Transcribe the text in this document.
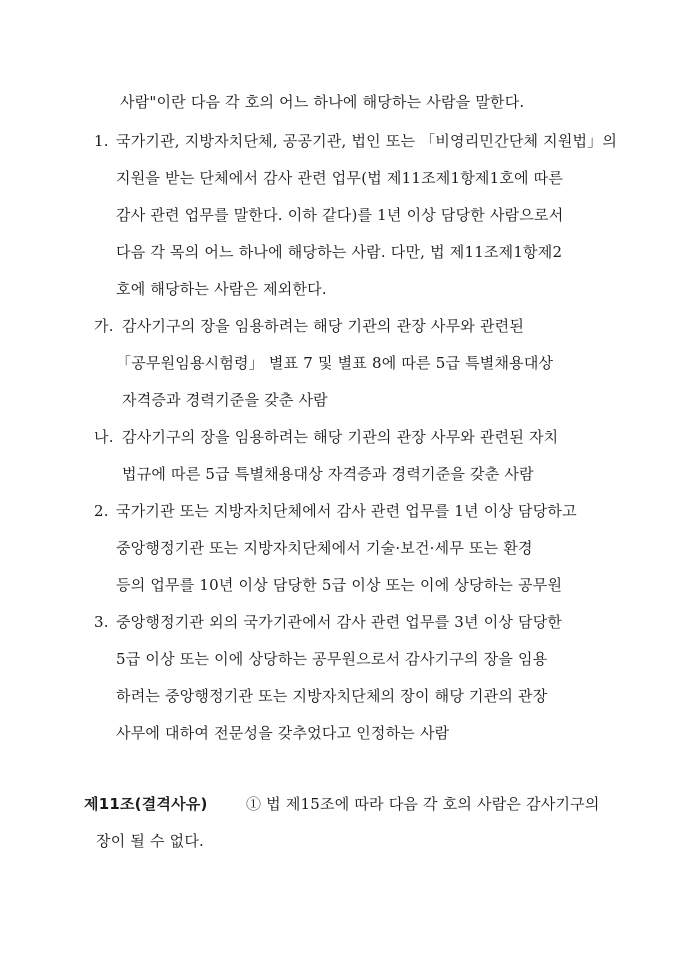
사람"이란 다음 각 호의 어느 하나에 해당하는 사람을 말한다.
1. 국가기관, 지방자치단체, 공공기관, 법인 또는 「비영리민간단체 지원법」의
지원을 받는 단체에서 감사 관련 업무(법 제11조제1항제1호에 따른
감사 관련 업무를 말한다. 이하 같다)를 1년 이상 담당한 사람으로서
다음 각 목의 어느 하나에 해당하는 사람. 다만, 법 제11조제1항제2
호에 해당하는 사람은 제외한다.
가. 감사기구의 장을 임용하려는 해당 기관의 관장 사무와 관련된
「공무원임용시험령」 별표 7 및 별표 8에 따른 5급 특별채용대상
자격증과 경력기준을 갖춘 사람
나. 감사기구의 장을 임용하려는 해당 기관의 관장 사무와 관련된 자치
법규에 따른 5급 특별채용대상 자격증과 경력기준을 갖춘 사람
2. 국가기관 또는 지방자치단체에서 감사 관련 업무를 1년 이상 담당하고
중앙행정기관 또는 지방자치단체에서 기술·보건·세무 또는 환경
등의 업무를 10년 이상 담당한 5급 이상 또는 이에 상당하는 공무원
3. 중앙행정기관 외의 국가기관에서 감사 관련 업무를 3년 이상 담당한
5급 이상 또는 이에 상당하는 공무원으로서 감사기구의 장을 임용
하려는 중앙행정기관 또는 지방자치단체의 장이 해당 기관의 관장
사무에 대하여 전문성을 갖추었다고 인정하는 사람
제11조(결격사유)	① 법 제15조에 따라 다음 각 호의 사람은 감사기구의
장이 될 수 없다.
